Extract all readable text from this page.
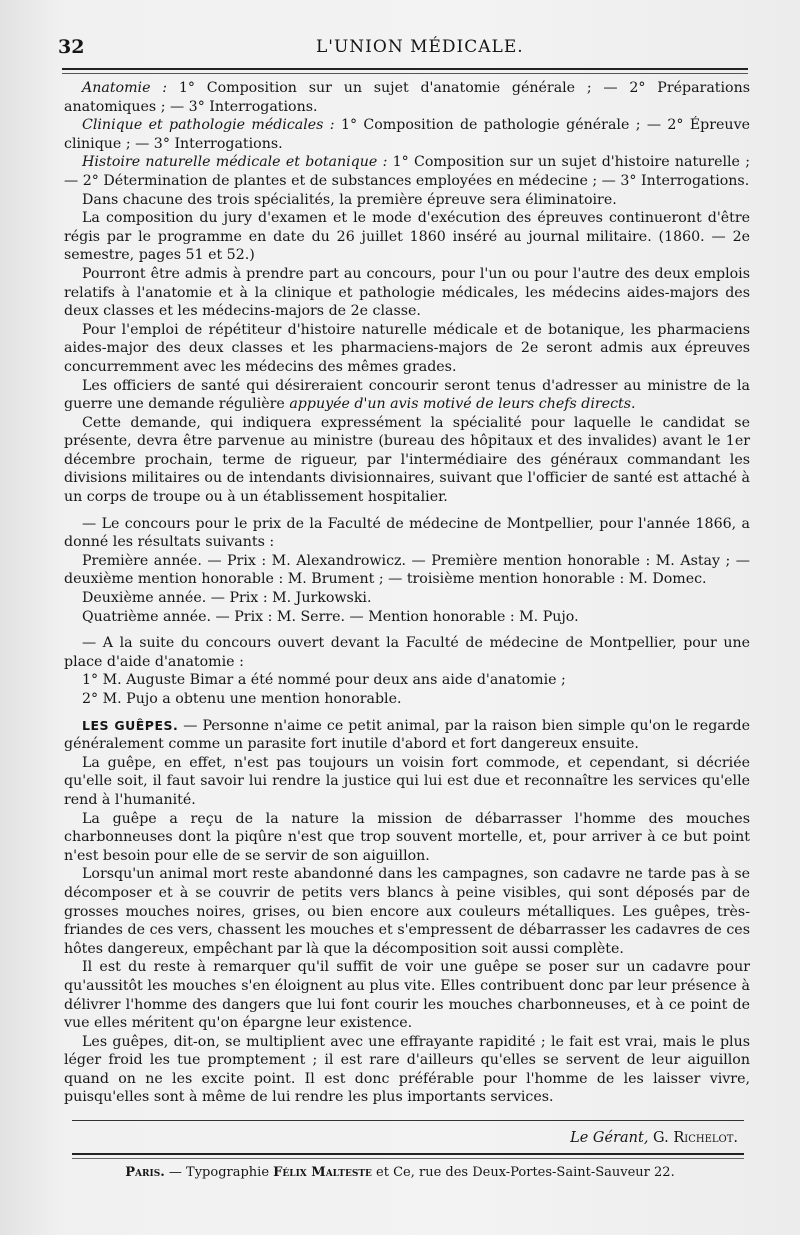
32	L'UNION MÉDICALE.

Anatomie : 1° Composition sur un sujet d'anatomie générale ; — 2° Préparations anatomiques ; — 3° Interrogations.

Clinique et pathologie médicales : 1° Composition de pathologie générale ; — 2° Épreuve clinique ; — 3° Interrogations.

Histoire naturelle médicale et botanique : 1° Composition sur un sujet d'histoire naturelle ; — 2° Détermination de plantes et de substances employées en médecine ; — 3° Interrogations.

Dans chacune des trois spécialités, la première épreuve sera éliminatoire.

La composition du jury d'examen et le mode d'exécution des épreuves continueront d'être régis par le programme en date du 26 juillet 1860 inséré au journal militaire. (1860. — 2e semestre, pages 51 et 52.)

Pourront être admis à prendre part au concours, pour l'un ou pour l'autre des deux emplois relatifs à l'anatomie et à la clinique et pathologie médicales, les médecins aides-majors des deux classes et les médecins-majors de 2e classe.

Pour l'emploi de répétiteur d'histoire naturelle médicale et de botanique, les pharmaciens aides-major des deux classes et les pharmaciens-majors de 2e seront admis aux épreuves concurremment avec les médecins des mêmes grades.

Les officiers de santé qui désireraient concourir seront tenus d'adresser au ministre de la guerre une demande régulière appuyée d'un avis motivé de leurs chefs directs.

Cette demande, qui indiquera expressément la spécialité pour laquelle le candidat se présente, devra être parvenue au ministre (bureau des hôpitaux et des invalides) avant le 1er décembre prochain, terme de rigueur, par l'intermédiaire des généraux commandant les divisions militaires ou de intendants divisionnaires, suivant que l'officier de santé est attaché à un corps de troupe ou à un établissement hospitalier.

— Le concours pour le prix de la Faculté de médecine de Montpellier, pour l'année 1866, a donné les résultats suivants :

Première année. — Prix : M. Alexandrowicz. — Première mention honorable : M. Astay ; — deuxième mention honorable : M. Brument ; — troisième mention honorable : M. Domec.

Deuxième année. — Prix : M. Jurkowski.

Quatrième année. — Prix : M. Serre. — Mention honorable : M. Pujo.

— A la suite du concours ouvert devant la Faculté de médecine de Montpellier, pour une place d'aide d'anatomie :

1° M. Auguste Bimar a été nommé pour deux ans aide d'anatomie ;

2° M. Pujo a obtenu une mention honorable.

LES GUÊPES. — Personne n'aime ce petit animal, par la raison bien simple qu'on le regarde généralement comme un parasite fort inutile d'abord et fort dangereux ensuite.

La guêpe, en effet, n'est pas toujours un voisin fort commode, et cependant, si décriée qu'elle soit, il faut savoir lui rendre la justice qui lui est due et reconnaître les services qu'elle rend à l'humanité.

La guêpe a reçu de la nature la mission de débarrasser l'homme des mouches charbonneuses dont la piqûre n'est que trop souvent mortelle, et, pour arriver à ce but point n'est besoin pour elle de se servir de son aiguillon.

Lorsqu'un animal mort reste abandonné dans les campagnes, son cadavre ne tarde pas à se décomposer et à se couvrir de petits vers blancs à peine visibles, qui sont déposés par de grosses mouches noires, grises, ou bien encore aux couleurs métalliques. Les guêpes, très-friandes de ces vers, chassent les mouches et s'empressent de débarrasser les cadavres de ces hôtes dangereux, empêchant par là que la décomposition soit aussi complète.

Il est du reste à remarquer qu'il suffit de voir une guêpe se poser sur un cadavre pour qu'aussitôt les mouches s'en éloignent au plus vite. Elles contribuent donc par leur présence à délivrer l'homme des dangers que lui font courir les mouches charbonneuses, et à ce point de vue elles méritent qu'on épargne leur existence.

Les guêpes, dit-on, se multiplient avec une effrayante rapidité ; le fait est vrai, mais le plus léger froid les tue promptement ; il est rare d'ailleurs qu'elles se servent de leur aiguillon quand on ne les excite point. Il est donc préférable pour l'homme de les laisser vivre, puisqu'elles sont à même de lui rendre les plus importants services.

Le Gérant, G. Richelot.
Paris. — Typographie Félix Malteste et Ce, rue des Deux-Portes-Saint-Sauveur 22.
